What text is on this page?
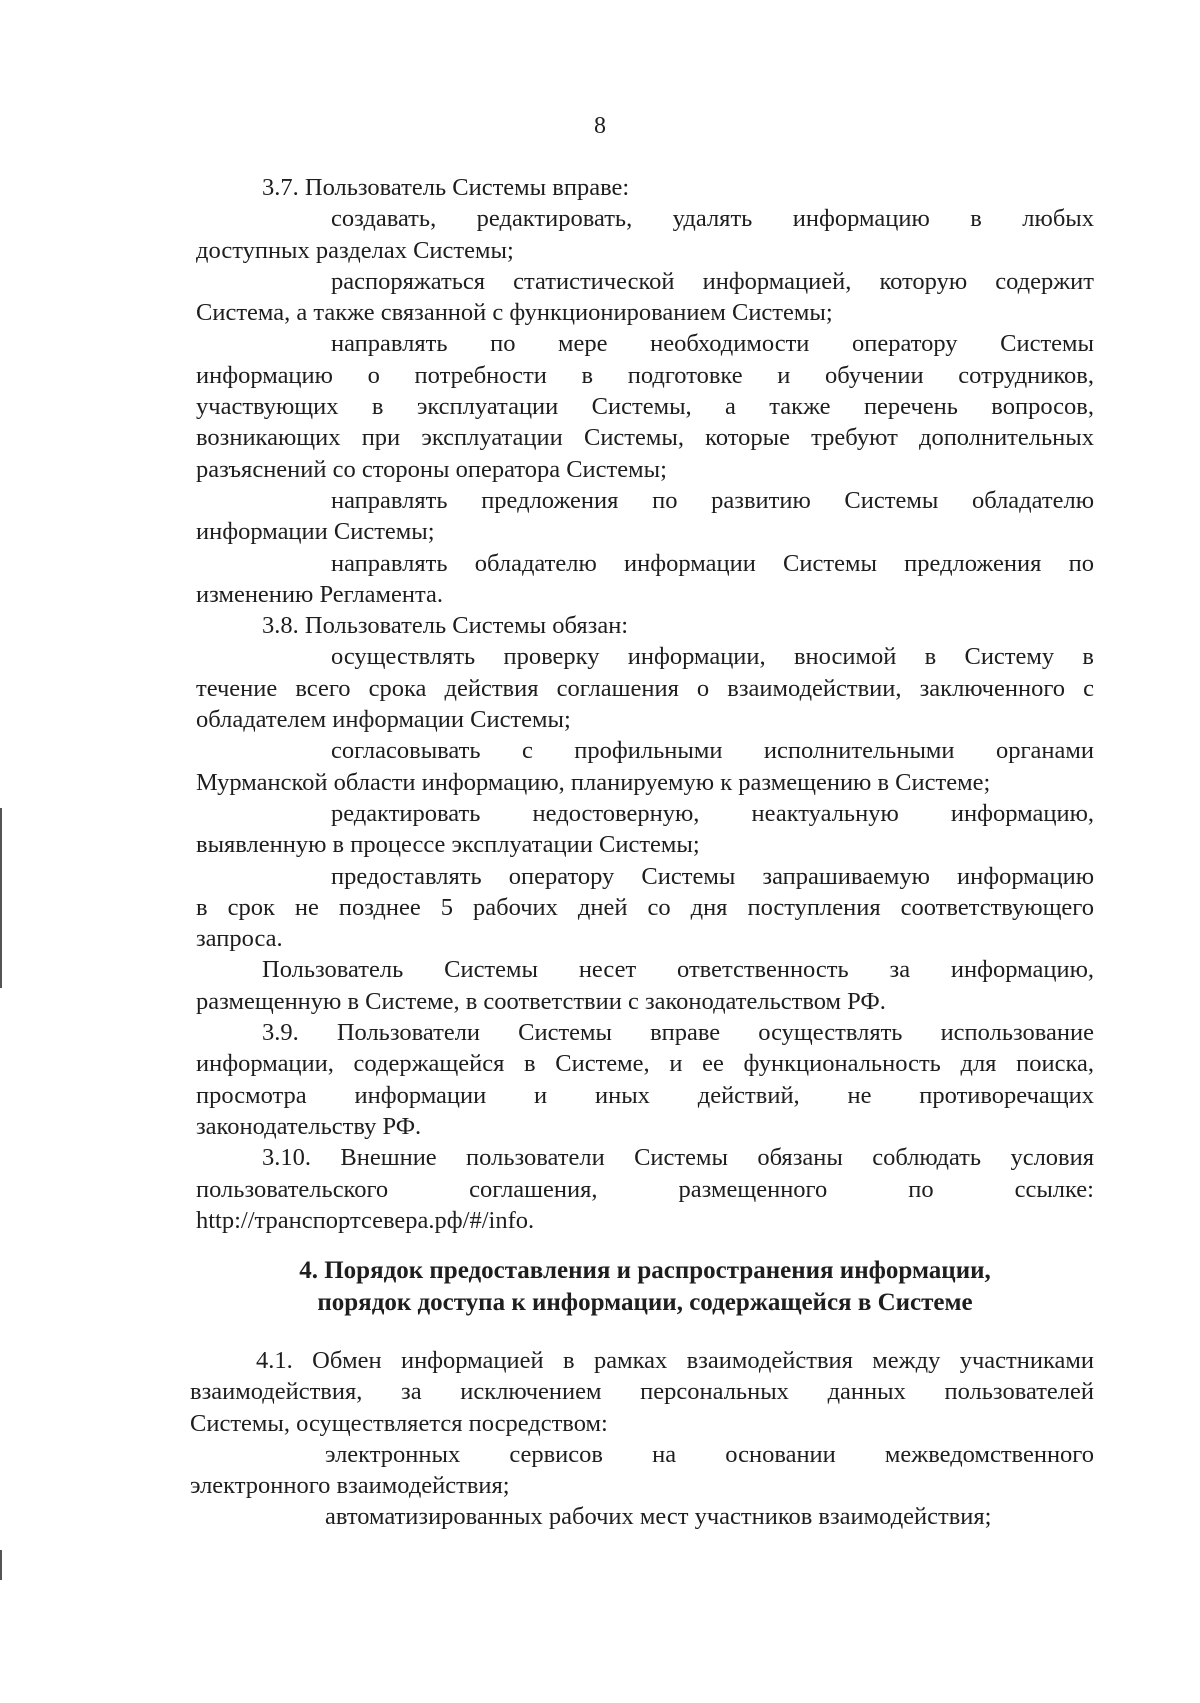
8
3.7. Пользователь Системы вправе:
создавать, редактировать, удалять информацию в любых
доступных разделах Системы;
распоряжаться статистической информацией, которую содержит
Система, а также связанной с функционированием Системы;
направлять по мере необходимости оператору Системы
информацию о потребности в подготовке и обучении сотрудников,
участвующих в эксплуатации Системы, а также перечень вопросов,
возникающих при эксплуатации Системы, которые требуют дополнительных
разъяснений со стороны оператора Системы;
направлять предложения по развитию Системы обладателю
информации Системы;
направлять обладателю информации Системы предложения по
изменению Регламента.
3.8. Пользователь Системы обязан:
осуществлять проверку информации, вносимой в Систему в
течение всего срока действия соглашения о взаимодействии, заключенного с
обладателем информации Системы;
согласовывать с профильными исполнительными органами
Мурманской области информацию, планируемую к размещению в Системе;
редактировать недостоверную, неактуальную информацию,
выявленную в процессе эксплуатации Системы;
предоставлять оператору Системы запрашиваемую информацию
в срок не позднее 5 рабочих дней со дня поступления соответствующего
запроса.
Пользователь Системы несет ответственность за информацию,
размещенную в Системе, в соответствии с законодательством РФ.
3.9. Пользователи Системы вправе осуществлять использование
информации, содержащейся в Системе, и ее функциональность для поиска,
просмотра информации и иных действий, не противоречащих
законодательству РФ.
3.10. Внешние пользователи Системы обязаны соблюдать условия
пользовательского соглашения, размещенного по ссылке:
http://транспортсевера.рф/#/info.
4. Порядок предоставления и распространения информации,
порядок доступа к информации, содержащейся в Системе
4.1. Обмен информацией в рамках взаимодействия между участниками
взаимодействия, за исключением персональных данных пользователей
Системы, осуществляется посредством:
электронных сервисов на основании межведомственного
электронного взаимодействия;
автоматизированных рабочих мест участников взаимодействия;
